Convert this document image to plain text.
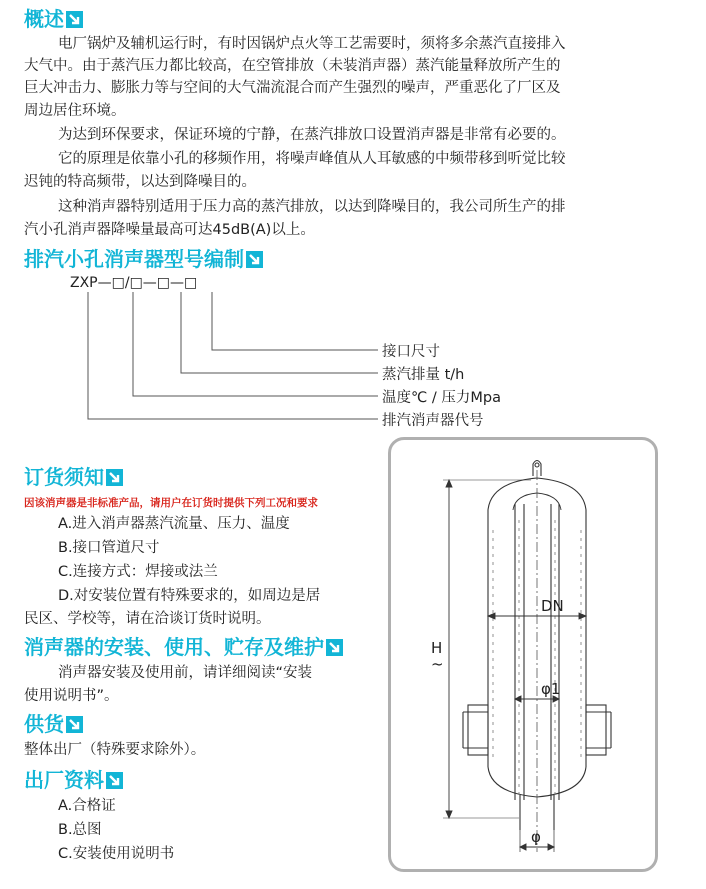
概述
电厂锅炉及辅机运行时，有时因锅炉点火等工艺需要时，须将多余蒸汽直接排入
大气中。由于蒸汽压力都比较高，在空管排放（未装消声器）蒸汽能量释放所产生的
巨大冲击力、膨胀力等与空间的大气湍流混合而产生强烈的噪声，严重恶化了厂区及
周边居住环境。
为达到环保要求，保证环境的宁静，在蒸汽排放口设置消声器是非常有必要的。
它的原理是依靠小孔的移频作用，将噪声峰值从人耳敏感的中频带移到听觉比较
迟钝的特高频带，以达到降噪目的。
这种消声器特别适用于压力高的蒸汽排放，以达到降噪目的，我公司所生产的排
汽小孔消声器降噪量最高可达45dB(A)以上。
排汽小孔消声器型号编制
ZXP—□/□—□—□
接口尺寸
蒸汽排量 t/h
温度℃ / 压力Mpa
排汽消声器代号
订货须知
因该消声器是非标准产品，请用户在订货时提供下列工况和要求
A.进入消声器蒸汽流量、压力、温度
B.接口管道尺寸
C.连接方式：焊接或法兰
D.对安装位置有特殊要求的，如周边是居
民区、学校等，请在洽谈订货时说明。
消声器的安装、使用、贮存及维护
消声器安装及使用前，请详细阅读“安装
使用说明书”。
供货
整体出厂（特殊要求除外）。
出厂资料
A.合格证
B.总图
C.安装使用说明书
DN
φ1
φ
H~
